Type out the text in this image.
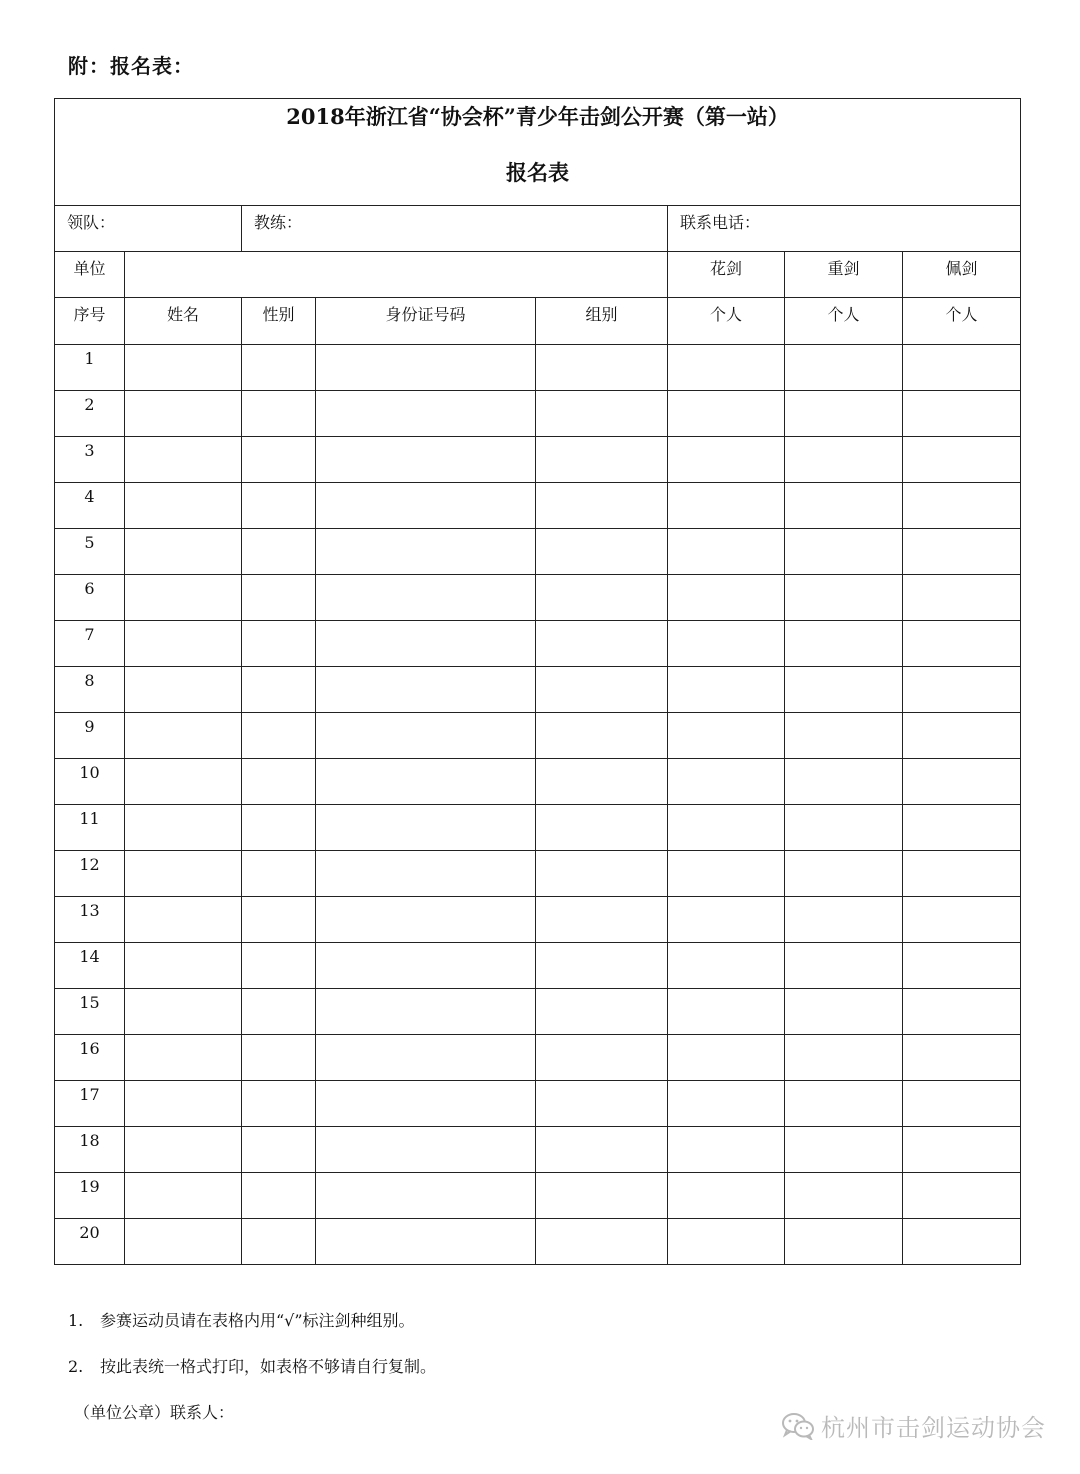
附：报名表：
2018年浙江省“协会杯”青少年击剑公开赛（第一站）
报名表							

领队：		教练：			联系电话：		
单位					花剑	重剑	佩剑
序号	姓名	性别	身份证号码	组别	个人	个人	个人
1							
2							
3							
4							
5							
6							
7							
8							
9							
10							
11							
12							
13							
14							
15							
16							
17							
18							
19							
20							
1. 参赛运动员请在表格内用“√”标注剑种组别。
2. 按此表统一格式打印，如表格不够请自行复制。
（单位公章）联系人：
杭州市击剑运动协会
